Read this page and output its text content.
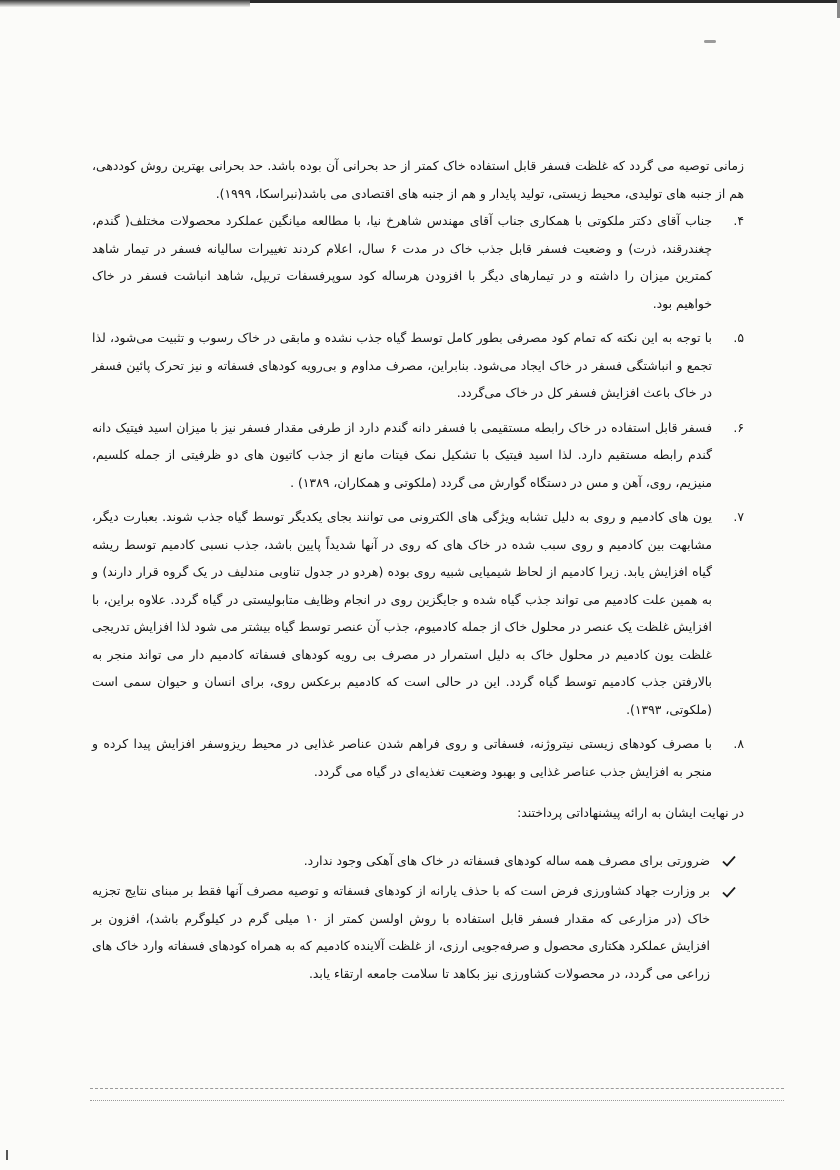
زمانی توصیه می گردد که غلظت فسفر قابل استفاده خاک کمتر از حد بحرانی آن بوده باشد. حد بحرانی بهترین روش کوددهی، هم از جنبه های تولیدی، محیط زیستی، تولید پایدار و هم از جنبه های اقتصادی می باشد(نبراسکا، ۱۹۹۹).

۴.
جناب آقای دکتر ملکوتی با همکاری جناب آقای مهندس شاهرخ نیا، با مطالعه میانگین عملکرد محصولات مختلف( گندم، چغندرقند، ذرت) و وضعیت فسفر قابل جذب خاک در مدت ۶ سال، اعلام کردند تغییرات سالیانه فسفر در تیمار شاهد کمترین میزان را داشته و در تیمارهای دیگر با افزودن هرساله کود سوپرفسفات تریپل، شاهد انباشت فسفر در خاک خواهیم بود.
۵.
با توجه به این نکته که تمام کود مصرفی بطور کامل توسط گیاه جذب نشده و مابقی در خاک رسوب و تثبیت می‌شود، لذا تجمع و انباشتگی فسفر در خاک ایجاد می‌شود. بنابراین، مصرف مداوم و بی‌رویه کودهای فسفاته و نیز تحرک پائین فسفر در خاک باعث افزایش فسفر کل در خاک می‌گردد.
۶.
فسفر قابل استفاده در خاک رابطه مستقیمی با فسفر دانه گندم دارد از طرفی مقدار فسفر نیز با میزان اسید فیتیک دانه گندم رابطه مستقیم دارد. لذا اسید فیتیک با تشکیل نمک فیتات مانع از جذب کاتیون های دو ظرفیتی از جمله کلسیم، منیزیم، روی، آهن و مس در دستگاه گوارش می گردد (ملکوتی و همکاران، ۱۳۸۹) .
۷.
یون های کادمیم و روی به دلیل تشابه ویژگی های الکترونی می توانند بجای یکدیگر توسط گیاه جذب شوند. بعبارت دیگر، مشابهت بین کادمیم و روی سبب شده در خاک های که روی در آنها شدیداً پایین باشد، جذب نسبی کادمیم توسط ریشه گیاه افزایش یابد. زیرا کادمیم از لحاظ شیمیایی شبیه روی بوده (هردو در جدول تناوبی مندلیف در یک گروه قرار دارند) و به همین علت کادمیم می تواند جذب گیاه شده و جایگزین روی در انجام وظایف متابولیستی در گیاه گردد. علاوه براین، با افزایش غلظت یک عنصر در محلول خاک از جمله کادمیوم، جذب آن عنصر توسط گیاه بیشتر می شود لذا افزایش تدریجی غلظت یون کادمیم در محلول خاک به دلیل استمرار در مصرف بی رویه کودهای فسفاته کادمیم دار می تواند منجر به بالارفتن جذب کادمیم توسط گیاه گردد. این در حالی است که کادمیم برعکس روی، برای انسان و حیوان سمی است (ملکوتی، ۱۳۹۳).
۸.
با مصرف کودهای زیستی نیتروژنه، فسفاتی و روی فراهم شدن عناصر غذایی در محیط ریزوسفر افزایش پیدا کرده و منجر به افزایش جذب عناصر غذایی و بهبود وضعیت تغذیه‌ای در گیاه می گردد.

در نهایت ایشان به ارائه پیشنهاداتی پرداختند:

ضرورتی برای مصرف همه ساله کودهای فسفاته در خاک های آهکی وجود ندارد.
بر وزارت جهاد کشاورزی فرض است که با حذف یارانه از کودهای فسفاته و توصیه مصرف آنها فقط بر مبنای نتایج تجزیه خاک (در مزارعی که مقدار فسفر قابل استفاده با روش اولسن کمتر از ۱۰ میلی گرم در کیلوگرم باشد)، افزون بر افزایش عملکرد هکتاری محصول و صرفه‌جویی ارزی، از غلظت آلاینده کادمیم که به همراه کودهای فسفاته وارد خاک های زراعی می گردد، در محصولات کشاورزی نیز بکاهد تا سلامت جامعه ارتقاء یابد.
